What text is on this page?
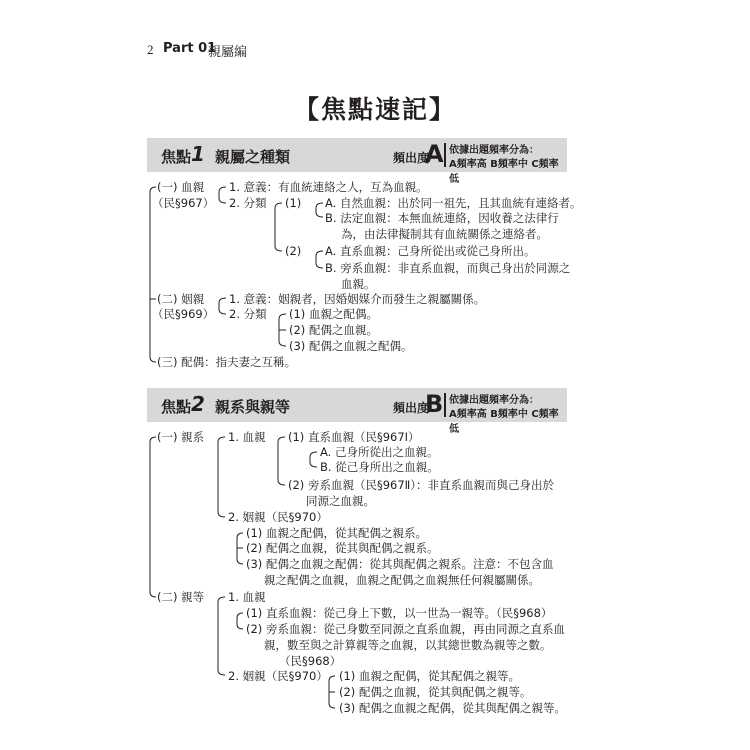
2 Part 01
親屬編
【焦點速記】
焦點 1 親屬之種類	頻出度
A 依據出題頻率分為：
A頻率高 B頻率中 C頻率低
焦點 2 親系與親等	頻出度
B 依據出題頻率分為：
A頻率高 B頻率中 C頻率低
(一) 血親
（民§967）
1. 意義：有血統連絡之人，互為血親。
2. 分類 (1) A. 自然血親：出於同一祖先，且其血統有連絡者。
B. 法定血親：本無血統連絡，因收養之法律行
為，由法律擬制其有血統關係之連絡者。
(2) A. 直系血親：己身所從出或從己身所出。
B. 旁系血親：非直系血親，而與己身出於同源之
血親。
(二) 姻親
（民§969）
1. 意義：姻親者，因婚姻媒介而發生之親屬關係。
2. 分類 (1) 血親之配偶。
(2) 配偶之血親。
(3) 配偶之血親之配偶。
(三) 配偶：指夫妻之互稱。
(一) 親系 1. 血親 (1) 直系血親（民§967Ⅰ）
A. 己身所從出之血親。
B. 從己身所出之血親。
(2) 旁系血親（民§967Ⅱ）：非直系血親而與己身出於
同源之血親。
2. 姻親（民§970）
(1) 血親之配偶，從其配偶之親系。
(2) 配偶之血親，從其與配偶之親系。
(3) 配偶之血親之配偶：從其與配偶之親系。注意：不包含血
親之配偶之血親，血親之配偶之血親無任何親屬關係。
(二) 親等 1. 血親
(1) 直系血親：從己身上下數，以一世為一親等。（民§968）
(2) 旁系血親：從己身數至同源之直系血親，再由同源之直系血
親，數至與之計算親等之血親，以其總世數為親等之數。
（民§968）
2. 姻親（民§970） (1) 血親之配偶，從其配偶之親等。
(2) 配偶之血親，從其與配偶之親等。
(3) 配偶之血親之配偶，從其與配偶之親等。
